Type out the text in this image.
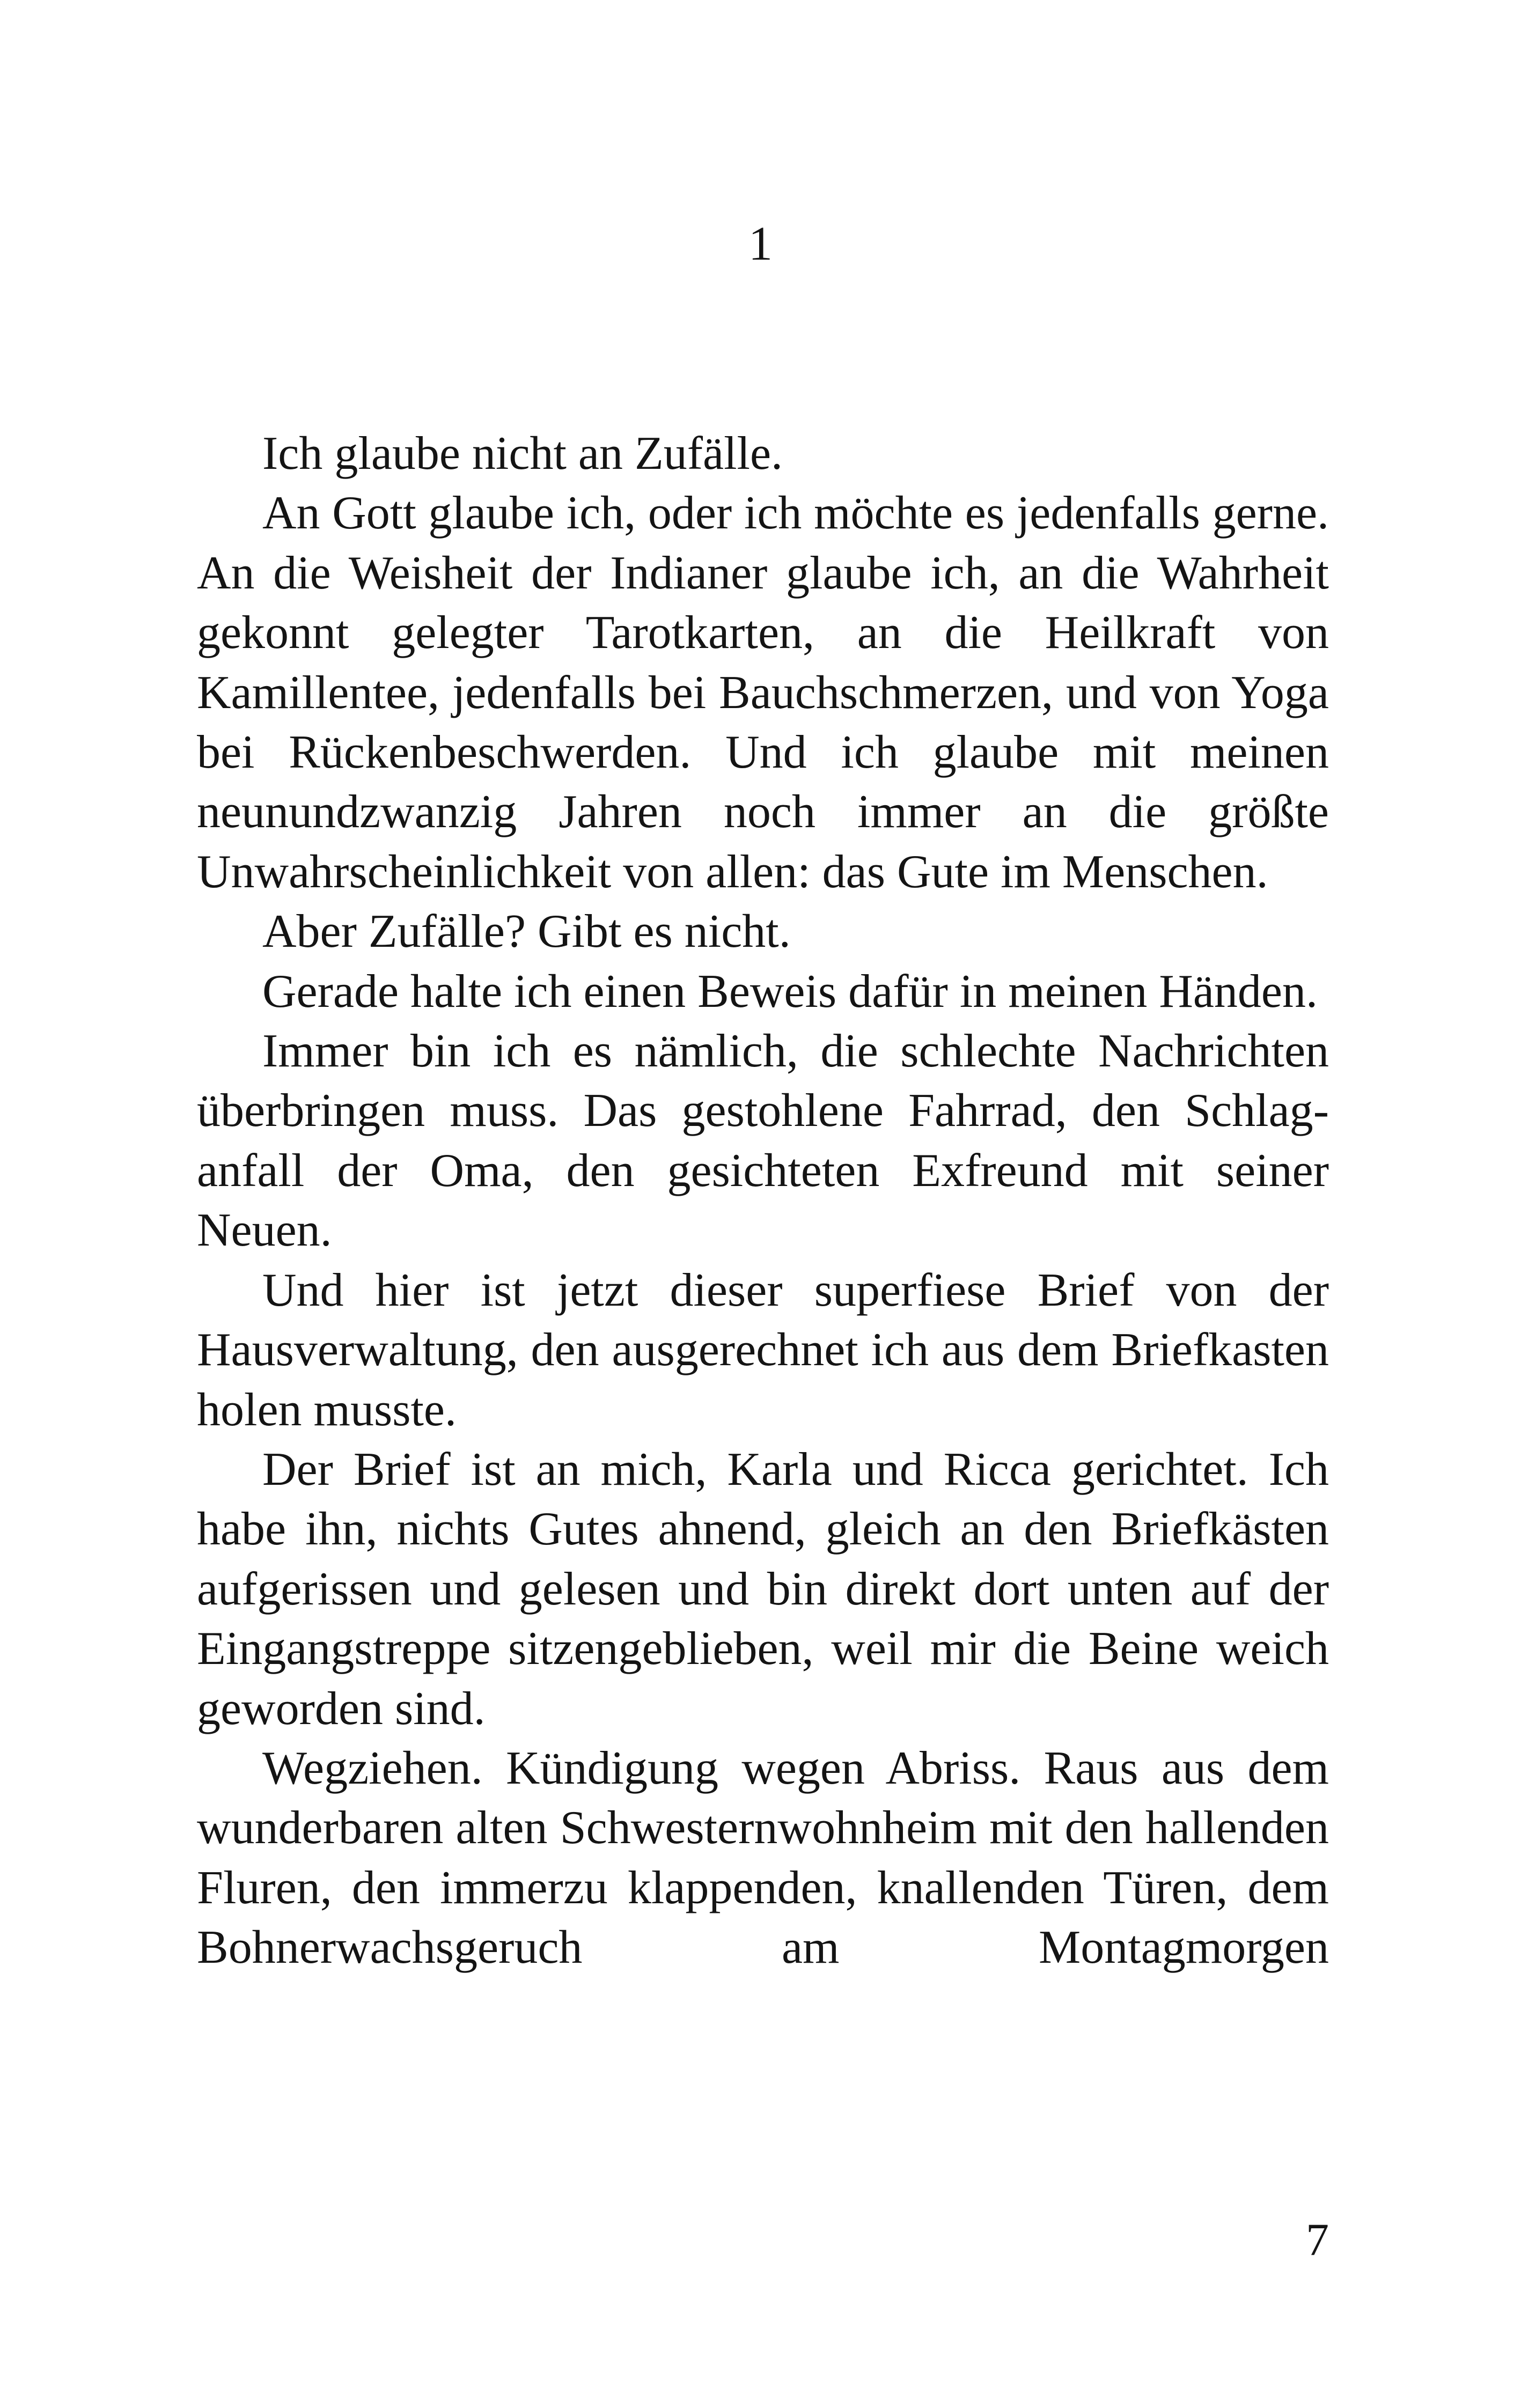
1

Ich glaube nicht an Zufälle.

An Gott glaube ich, oder ich möchte es jedenfalls gerne. An die Weisheit der Indianer glaube ich, an die Wahrheit gekonnt gelegter Tarotkarten, an die Heilkraft von Kamillentee, jedenfalls bei Bauchschmerzen, und von Yoga bei Rückenbeschwerden. Und ich glaube mit meinen neunundzwanzig Jahren noch immer an die größte Unwahrscheinlichkeit von allen: das Gute im Menschen.

Aber Zufälle? Gibt es nicht.

Gerade halte ich einen Beweis dafür in meinen Händen.

Immer bin ich es nämlich, die schlechte Nachrichten überbringen muss. Das gestohlene Fahrrad, den Schlaganfall der Oma, den gesichteten Exfreund mit seiner Neuen.

Und hier ist jetzt dieser superfiese Brief von der Hausverwaltung, den ausgerechnet ich aus dem Briefkasten holen musste.

Der Brief ist an mich, Karla und Ricca gerichtet. Ich habe ihn, nichts Gutes ahnend, gleich an den Briefkästen aufgerissen und gelesen und bin direkt dort unten auf der Eingangstreppe sitzengeblieben, weil mir die Beine weich geworden sind.

Wegziehen. Kündigung wegen Abriss. Raus aus dem wunderbaren alten Schwesternwohnheim mit den hallenden Fluren, den immerzu klappenden, knallenden Türen, dem Bohnerwachsgeruch am Montagmorgen

7
